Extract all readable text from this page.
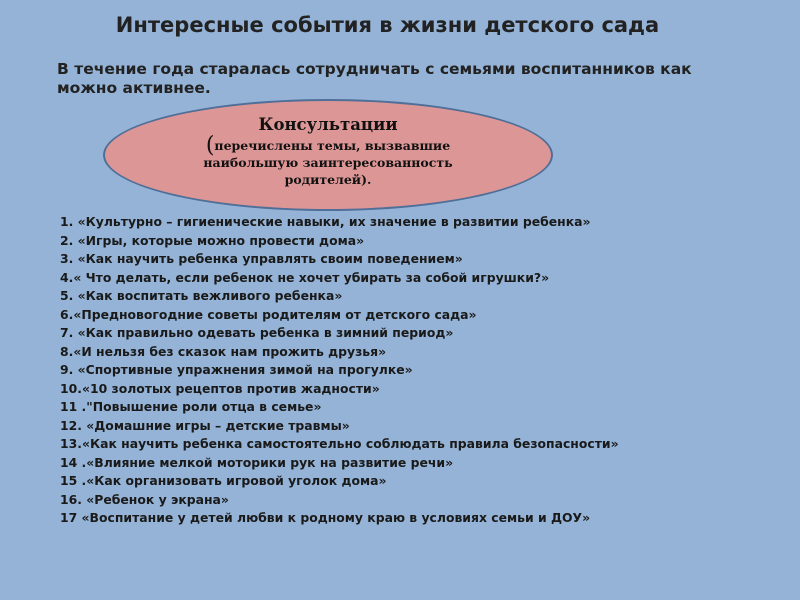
Интересные события в жизни детского сада

В течение года старалась сотрудничать с семьями воспитанников как можно активнее.

Консультации
(перечислены темы, вызвавшие наибольшую заинтересованность родителей).
1. «Культурно – гигиенические навыки, их значение в развитии ребенка»
2. «Игры, которые можно провести дома»
3. «Как научить ребенка управлять своим поведением»
4.« Что делать, если ребенок не хочет убирать за собой игрушки?»
5. «Как воспитать вежливого ребенка»
6.«Предновогодние советы родителям от детского сада»
7. «Как правильно одевать ребенка в зимний период»
8.«И нельзя без сказок нам прожить друзья»
9. «Спортивные упражнения зимой на прогулке»
10.«10 золотых рецептов против жадности»
11 ."Повышение роли отца в семье»
12. «Домашние игры – детские травмы»
13.«Как научить ребенка самостоятельно соблюдать правила безопасности»
14 .«Влияние мелкой моторики рук на развитие речи»
15 .«Как организовать игровой уголок дома»
16. «Ребенок у экрана»
17 «Воспитание у детей любви к родному краю в условиях семьи и ДОУ»
